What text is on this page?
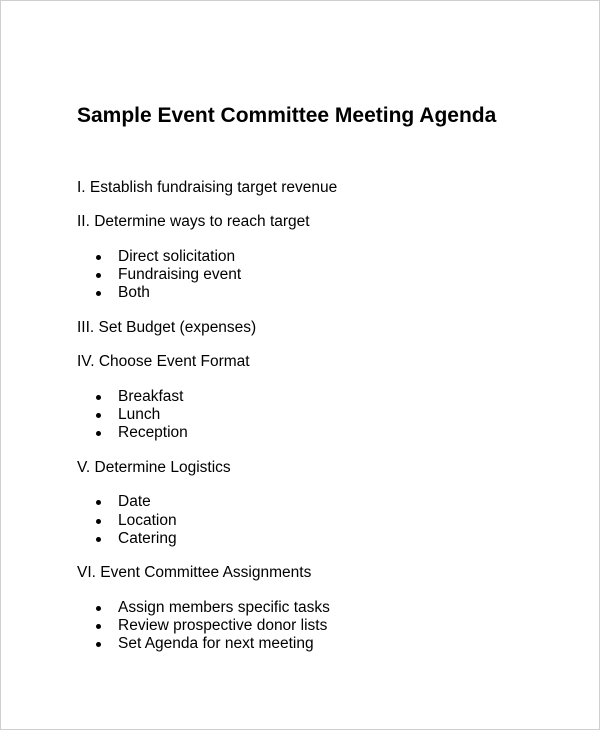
Sample Event Committee Meeting Agenda
I. Establish fundraising target revenue
II. Determine ways to reach target
Direct solicitation
Fundraising event
Both
III. Set Budget (expenses)
IV. Choose Event Format
Breakfast
Lunch
Reception
V. Determine Logistics
Date
Location
Catering
VI. Event Committee Assignments
Assign members specific tasks
Review prospective donor lists
Set Agenda for next meeting
